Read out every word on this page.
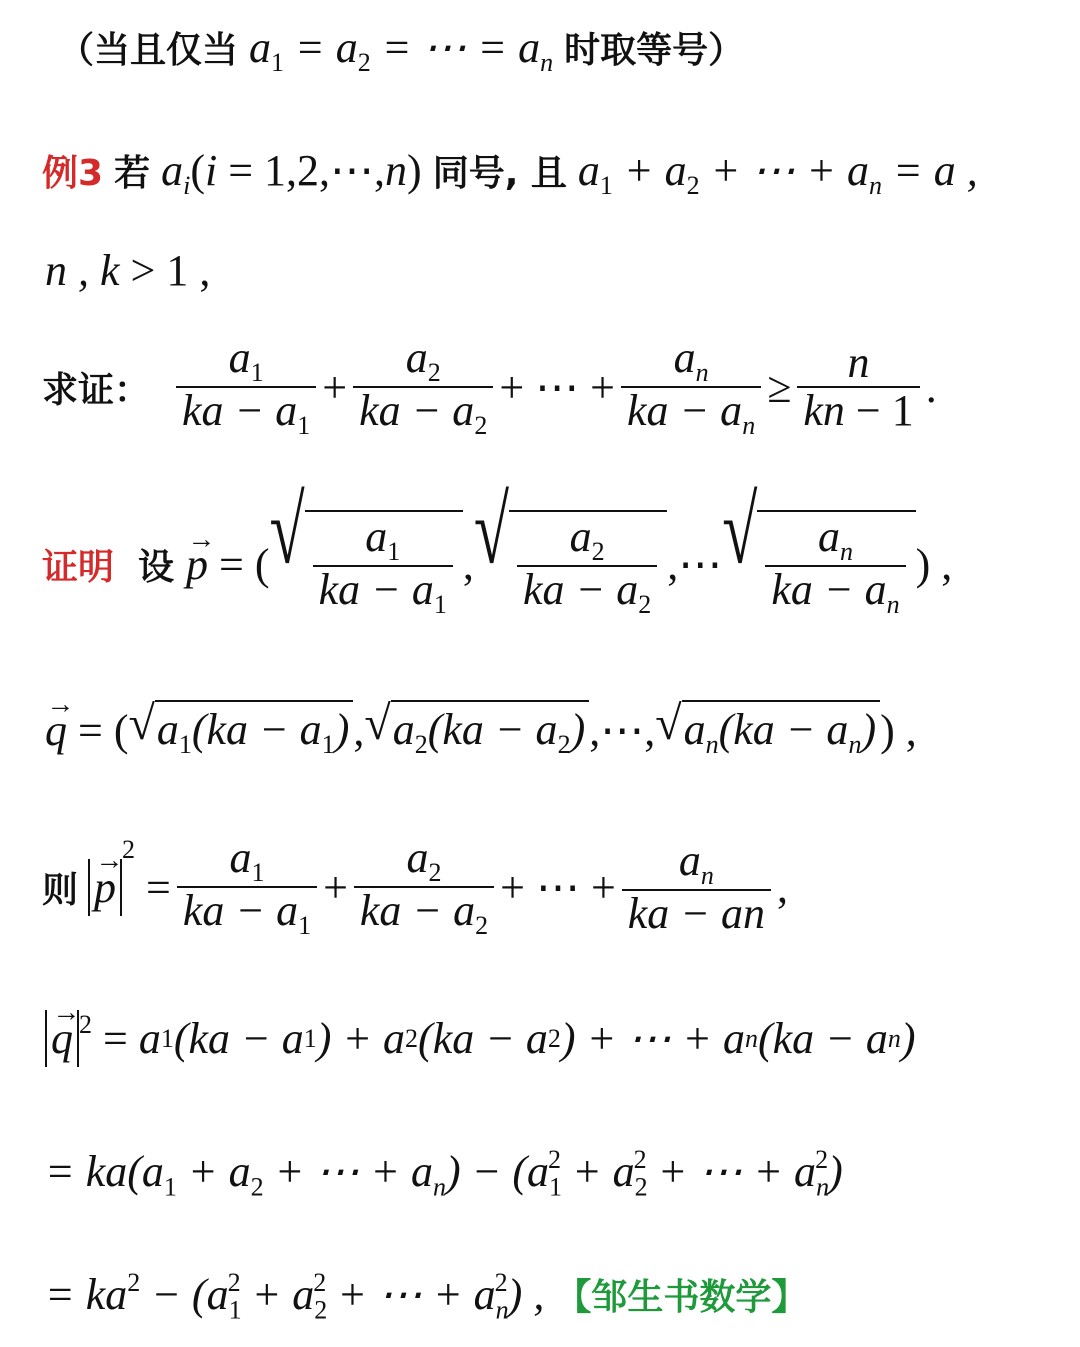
（当且仅当 $a_1 = a_2$ = ⋯ = $a_n$ 时取等号）
例3 若 $a_i(i$ = 1,2,⋯,n) 同号, 且 $a_1 + a_2$ + ⋯ + $a_n = a$ ,
n , k > 1 ,
求证： $\frac{a_1}{ka - a_1} + \frac{a_2}{ka - a_2}$ + ⋯ + $\frac{a_n}{ka - a_n} \ge \frac{n}{kn - 1}$ .
证明 设 → p = ( √ $\frac{a_1}{ka - a_1}$ , √ $\frac{a_2}{ka - a_2}$ ,⋯ √ $\frac{a_n}{ka - a_n}$ ) ,
→ q = ( √ $a_1(ka - a_1)$ , √ $a_2(ka - a_2)$ ,⋯, √ $a_n(ka - a_n)$ ) ,
则 → p
$^2$
= $\frac{a_1}{ka - a_1} + \frac{a_2}{ka - a_2}$ + ⋯ + $\frac{a_n}{ka - an}$ ,
→ $q^2 = a$ 1 (ka − a 1 ) + a 2 (ka − a 2 ) + ⋯ + a n (ka − a n )
= $ka(a_1 + a_2$ + ⋯ + $a_n) - (a_1^2 + a_2^2$ + ⋯ + $a_n^2$)
= $ka^2 - (a_1^2 + a_2^2$ + ⋯ + $a_n^2$) , 【邹生书数学】
